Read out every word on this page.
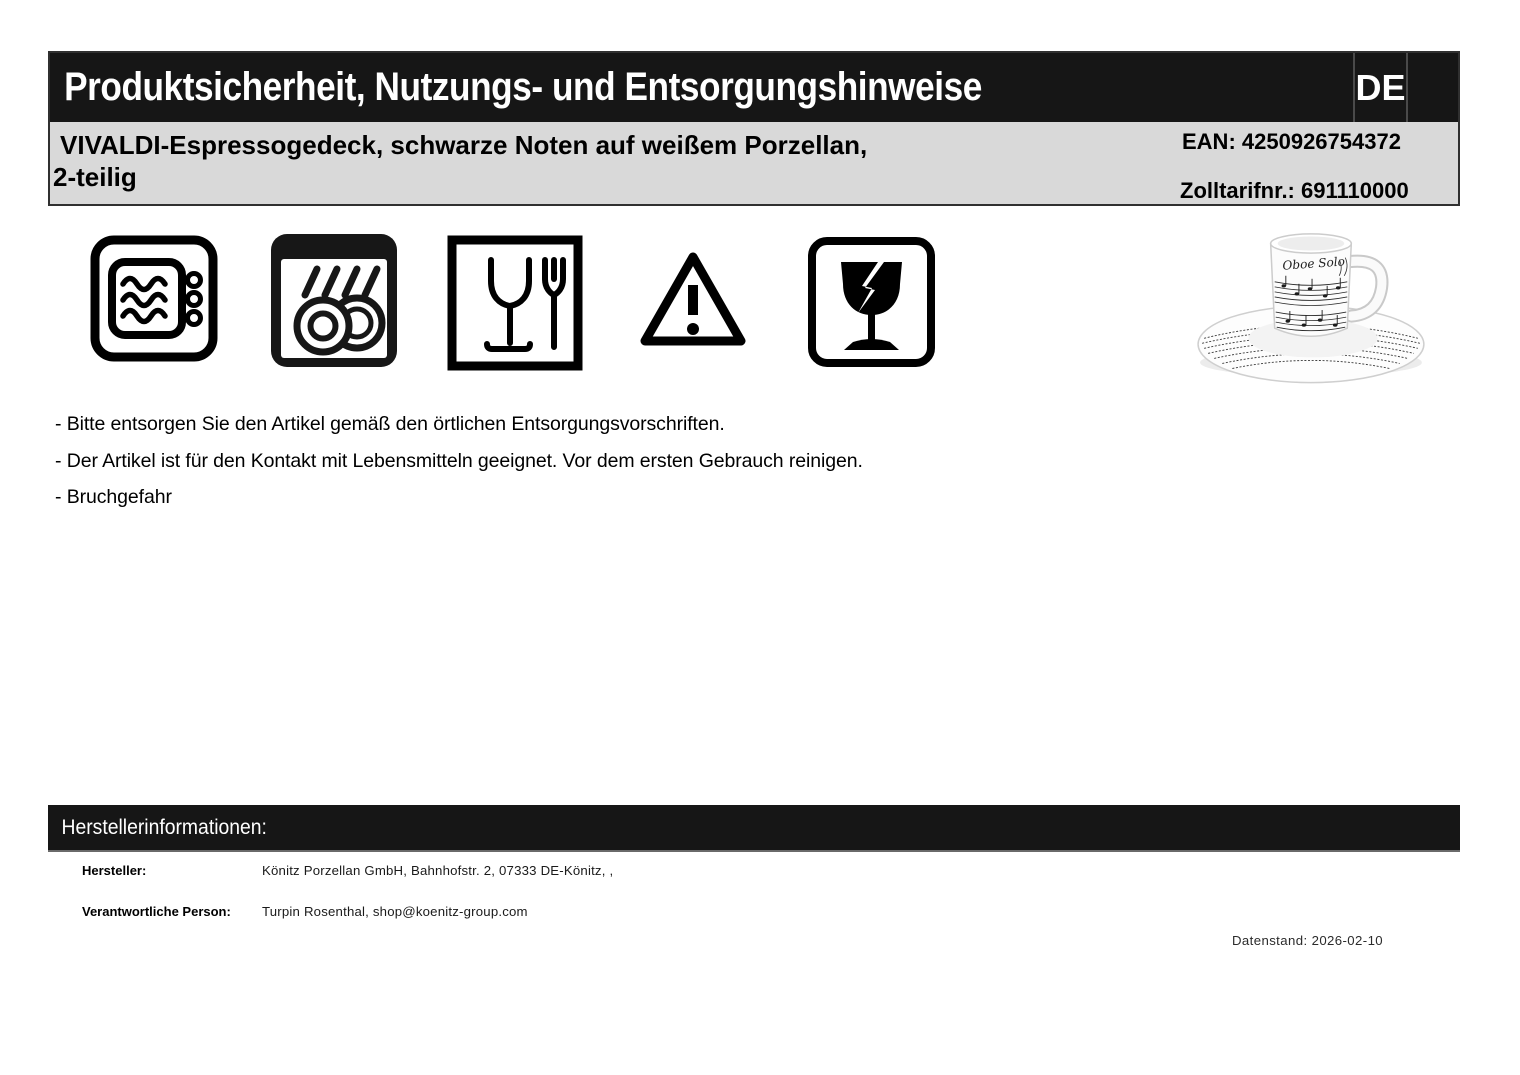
Produktsicherheit, Nutzungs- und Entsorgungshinweise	DE
VIVALDI-Espressogedeck, schwarze Noten auf weißem Porzellan,
2-teilig
EAN: 4250926754372
Zolltarifnr.: 691110000
Oboe Solo
- Bitte entsorgen Sie den Artikel gemäß den örtlichen Entsorgungsvorschriften.
- Der Artikel ist für den Kontakt mit Lebensmitteln geeignet. Vor dem ersten Gebrauch reinigen.
- Bruchgefahr
Herstellerinformationen:
Hersteller:	Könitz Porzellan GmbH, Bahnhofstr. 2, 07333 DE-Könitz, ,
Verantwortliche Person: Turpin Rosenthal, shop@koenitz-group.com
Datenstand: 2026-02-10
